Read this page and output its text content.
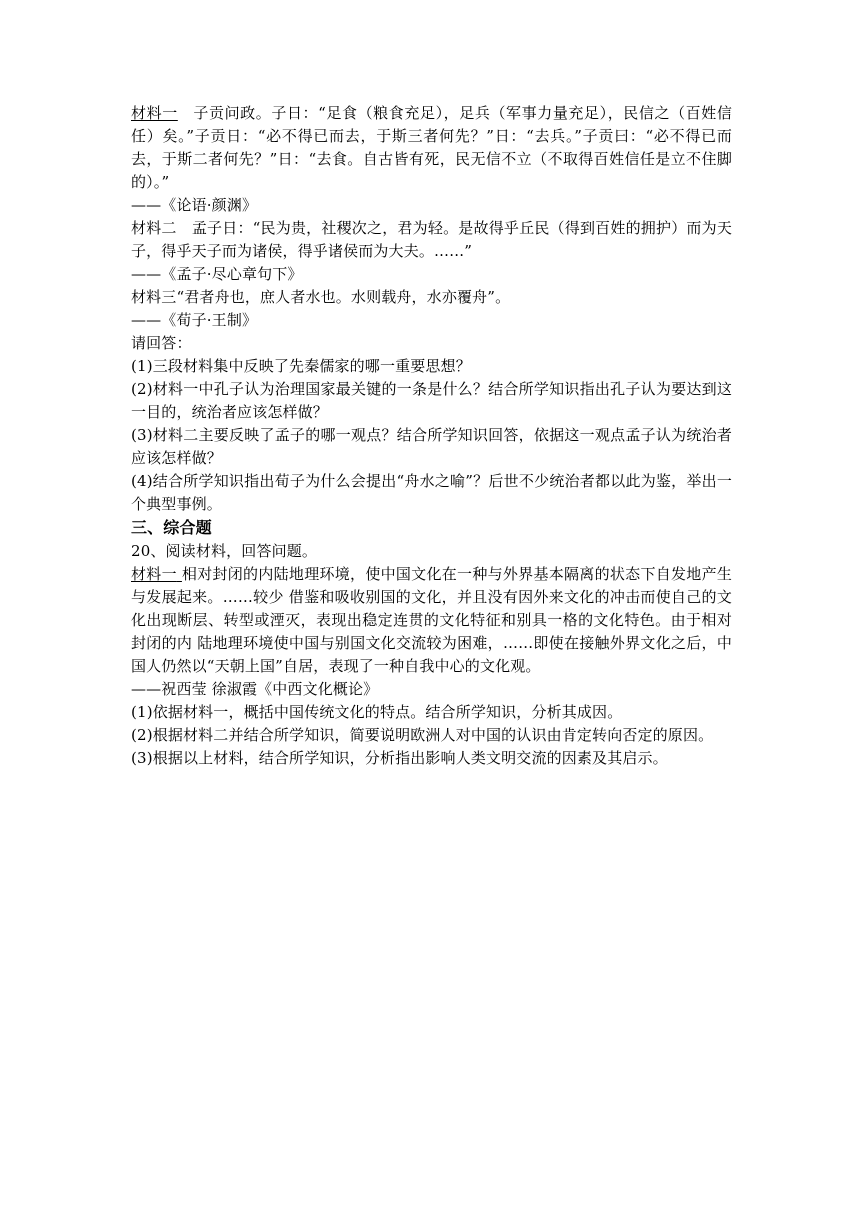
材料一　子贡问政。子日：“足食（粮食充足），足兵（军事力量充足），民信之（百姓信任）矣。”子贡日：“必不得已而去，于斯三者何先？”日：“去兵。”子贡曰：“必不得已而去，于斯二者何先？”日：“去食。自古皆有死，民无信不立（不取得百姓信任是立不住脚的）。”

——《论语·颜渊》

材料二　孟子日：“民为贵，社稷次之，君为轻。是故得乎丘民（得到百姓的拥护）而为天子，得乎天子而为诸侯，得乎诸侯而为大夫。……”

——《孟子·尽心章句下》

材料三“君者舟也，庶人者水也。水则载舟，水亦覆舟”。

——《荀子·王制》

请回答：

(1)三段材料集中反映了先秦儒家的哪一重要思想？

(2)材料一中孔子认为治理国家最关键的一条是什么？结合所学知识指出孔子认为要达到这一目的，统治者应该怎样做？

(3)材料二主要反映了孟子的哪一观点？结合所学知识回答，依据这一观点孟子认为统治者应该怎样做？

(4)结合所学知识指出荀子为什么会提出“舟水之喻”？后世不少统治者都以此为鉴，举出一个典型事例。

三、综合题

20、阅读材料，回答问题。

材料一 相对封闭的内陆地理环境，使中国文化在一种与外界基本隔离的状态下自发地产生与发展起来。……较少 借鉴和吸收别国的文化，并且没有因外来文化的冲击而使自己的文化出现断层、转型或湮灭，表现出稳定连贯的文化特征和别具一格的文化特色。由于相对封闭的内 陆地理环境使中国与别国文化交流较为困难，……即使在接触外界文化之后，中国人仍然以“天朝上国”自居，表现了一种自我中心的文化观。

——祝西莹 徐淑霞《中西文化概论》

(1)依据材料一，概括中国传统文化的特点。结合所学知识，分析其成因。

(2)根据材料二并结合所学知识，简要说明欧洲人对中国的认识由肯定转向否定的原因。

(3)根据以上材料，结合所学知识，分析指出影响人类文明交流的因素及其启示。
